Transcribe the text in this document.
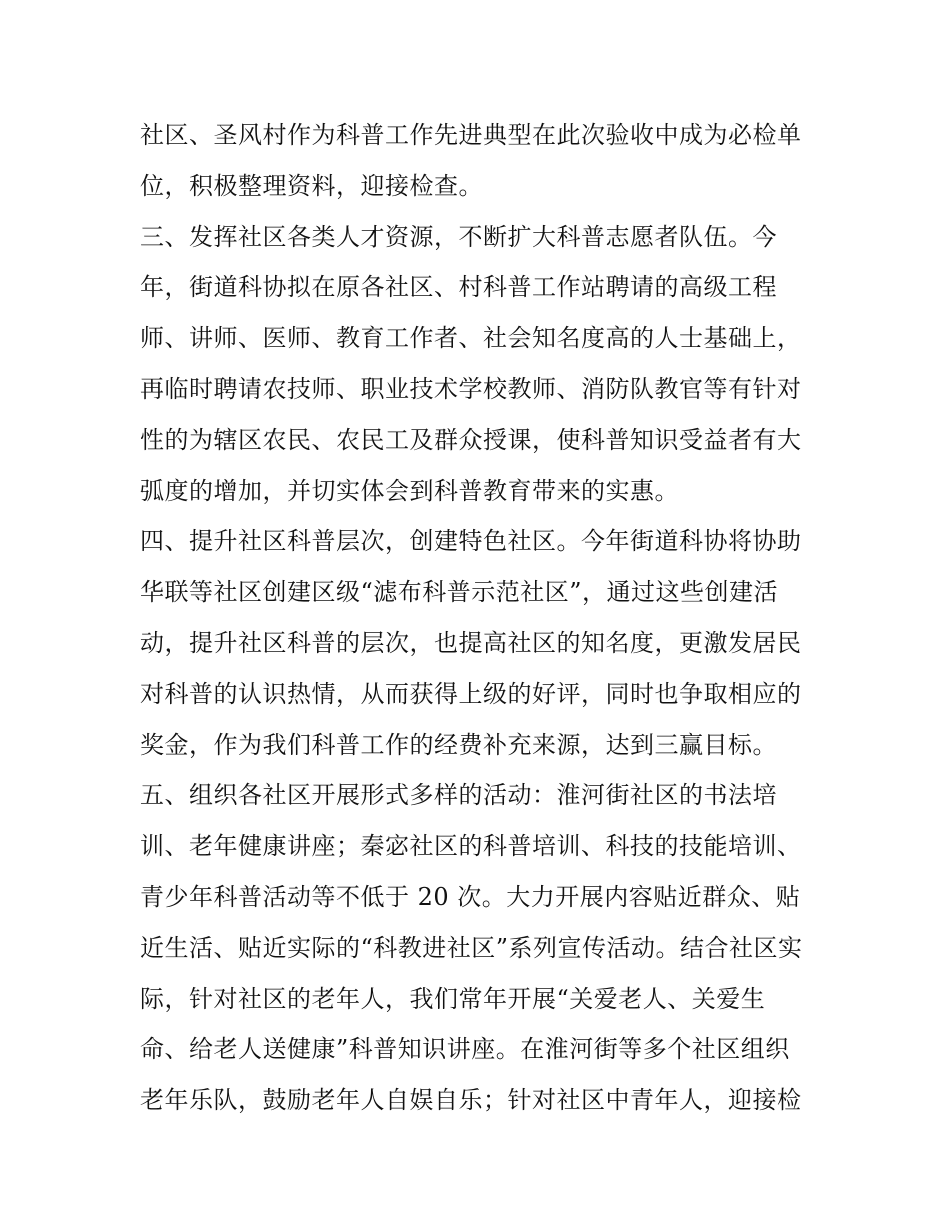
社区、圣风村作为科普工作先进典型在此次验收中成为必检单
位，积极整理资料，迎接检查。
三、发挥社区各类人才资源，不断扩大科普志愿者队伍。今
年，街道科协拟在原各社区、村科普工作站聘请的高级工程
师、讲师、医师、教育工作者、社会知名度高的人士基础上，
再临时聘请农技师、职业技术学校教师、消防队教官等有针对
性的为辖区农民、农民工及群众授课，使科普知识受益者有大
弧度的增加，并切实体会到科普教育带来的实惠。
四、提升社区科普层次，创建特色社区。今年街道科协将协助
华联等社区创建区级“滤布科普示范社区”，通过这些创建活
动，提升社区科普的层次，也提高社区的知名度，更激发居民
对科普的认识热情，从而获得上级的好评，同时也争取相应的
奖金，作为我们科普工作的经费补充来源，达到三赢目标。
五、组织各社区开展形式多样的活动：淮河街社区的书法培
训、老年健康讲座；秦宓社区的科普培训、科技的技能培训、
青少年科普活动等不低于 20 次。大力开展内容贴近群众、贴
近生活、贴近实际的“科教进社区”系列宣传活动。结合社区实
际，针对社区的老年人，我们常年开展“关爱老人、关爱生
命、给老人送健康”科普知识讲座。在淮河街等多个社区组织
老年乐队，鼓励老年人自娱自乐；针对社区中青年人，迎接检
